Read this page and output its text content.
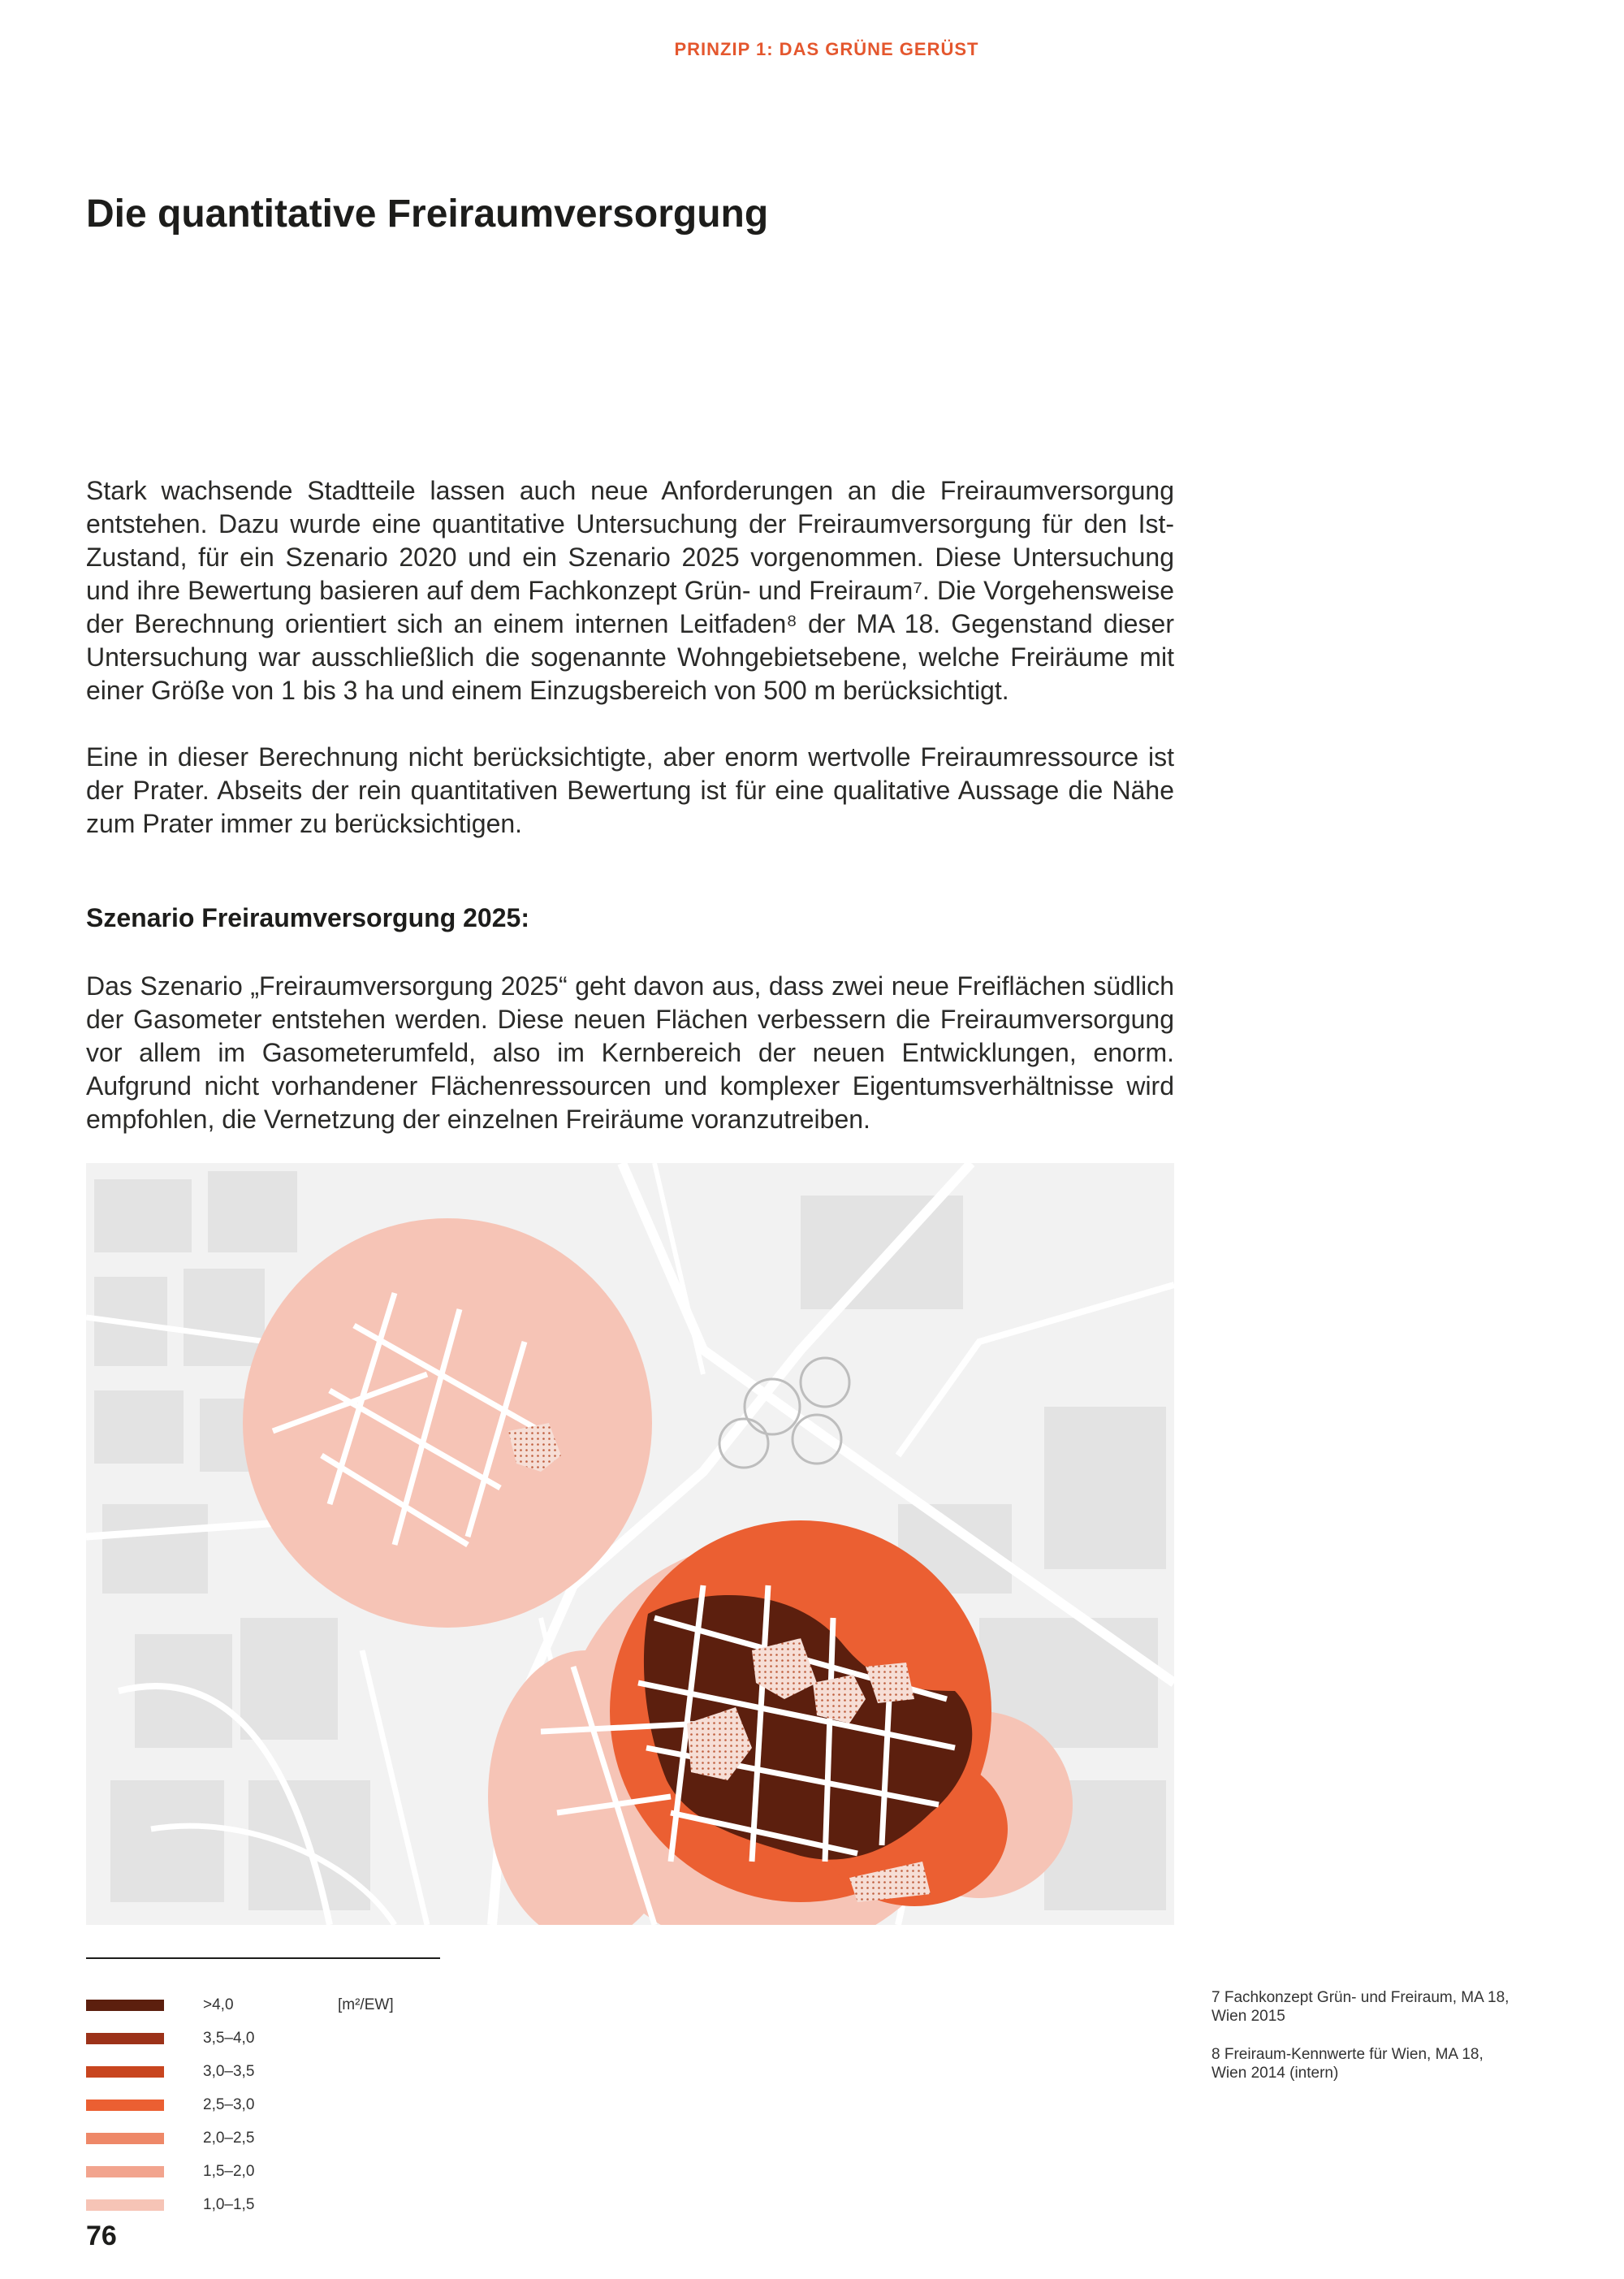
PRINZIP 1: DAS GRÜNE GERÜST
Die quantitative Freiraumversorgung

Stark wachsende Stadtteile lassen auch neue Anforderungen an die Freiraumversorgung entstehen. Dazu wurde eine quantitative Untersuchung der Freiraumversorgung für den Ist-Zustand, für ein Szenario 2020 und ein Szenario 2025 vorgenommen. Diese Untersuchung und ihre Bewertung basieren auf dem Fachkonzept Grün- und Freiraum⁷. Die Vorgehensweise der Berechnung orientiert sich an einem internen Leitfaden⁸ der MA 18. Gegenstand dieser Untersuchung war ausschließlich die sogenannte Wohngebietsebene, welche Freiräume mit einer Größe von 1 bis 3 ha und einem Einzugsbereich von 500 m berücksichtigt.

Eine in dieser Berechnung nicht berücksichtigte, aber enorm wertvolle Freiraumressource ist der Prater. Abseits der rein quantitativen Bewertung ist für eine qualitative Aussage die Nähe zum Prater immer zu berücksichtigen.

Szenario Freiraumversorgung 2025:

Das Szenario „Freiraumversorgung 2025“ geht davon aus, dass zwei neue Freiflächen südlich der Gasometer entstehen werden. Diese neuen Flächen verbessern die Freiraumversorgung vor allem im Gasometerumfeld, also im Kernbereich der neuen Entwicklungen, enorm. Aufgrund nicht vorhandener Flächenressourcen und komplexer Eigentumsverhältnisse wird empfohlen, die Vernetzung der einzelnen Freiräume voranzutreiben.

>4,0	[m²/EW]
3,5–4,0
3,0–3,5
2,5–3,0
2,0–2,5
1,5–2,0
1,0–1,5

7 Fachkonzept Grün- und Freiraum, MA 18, Wien 2015

8 Freiraum-Kennwerte für Wien, MA 18, Wien 2014 (intern)

76
